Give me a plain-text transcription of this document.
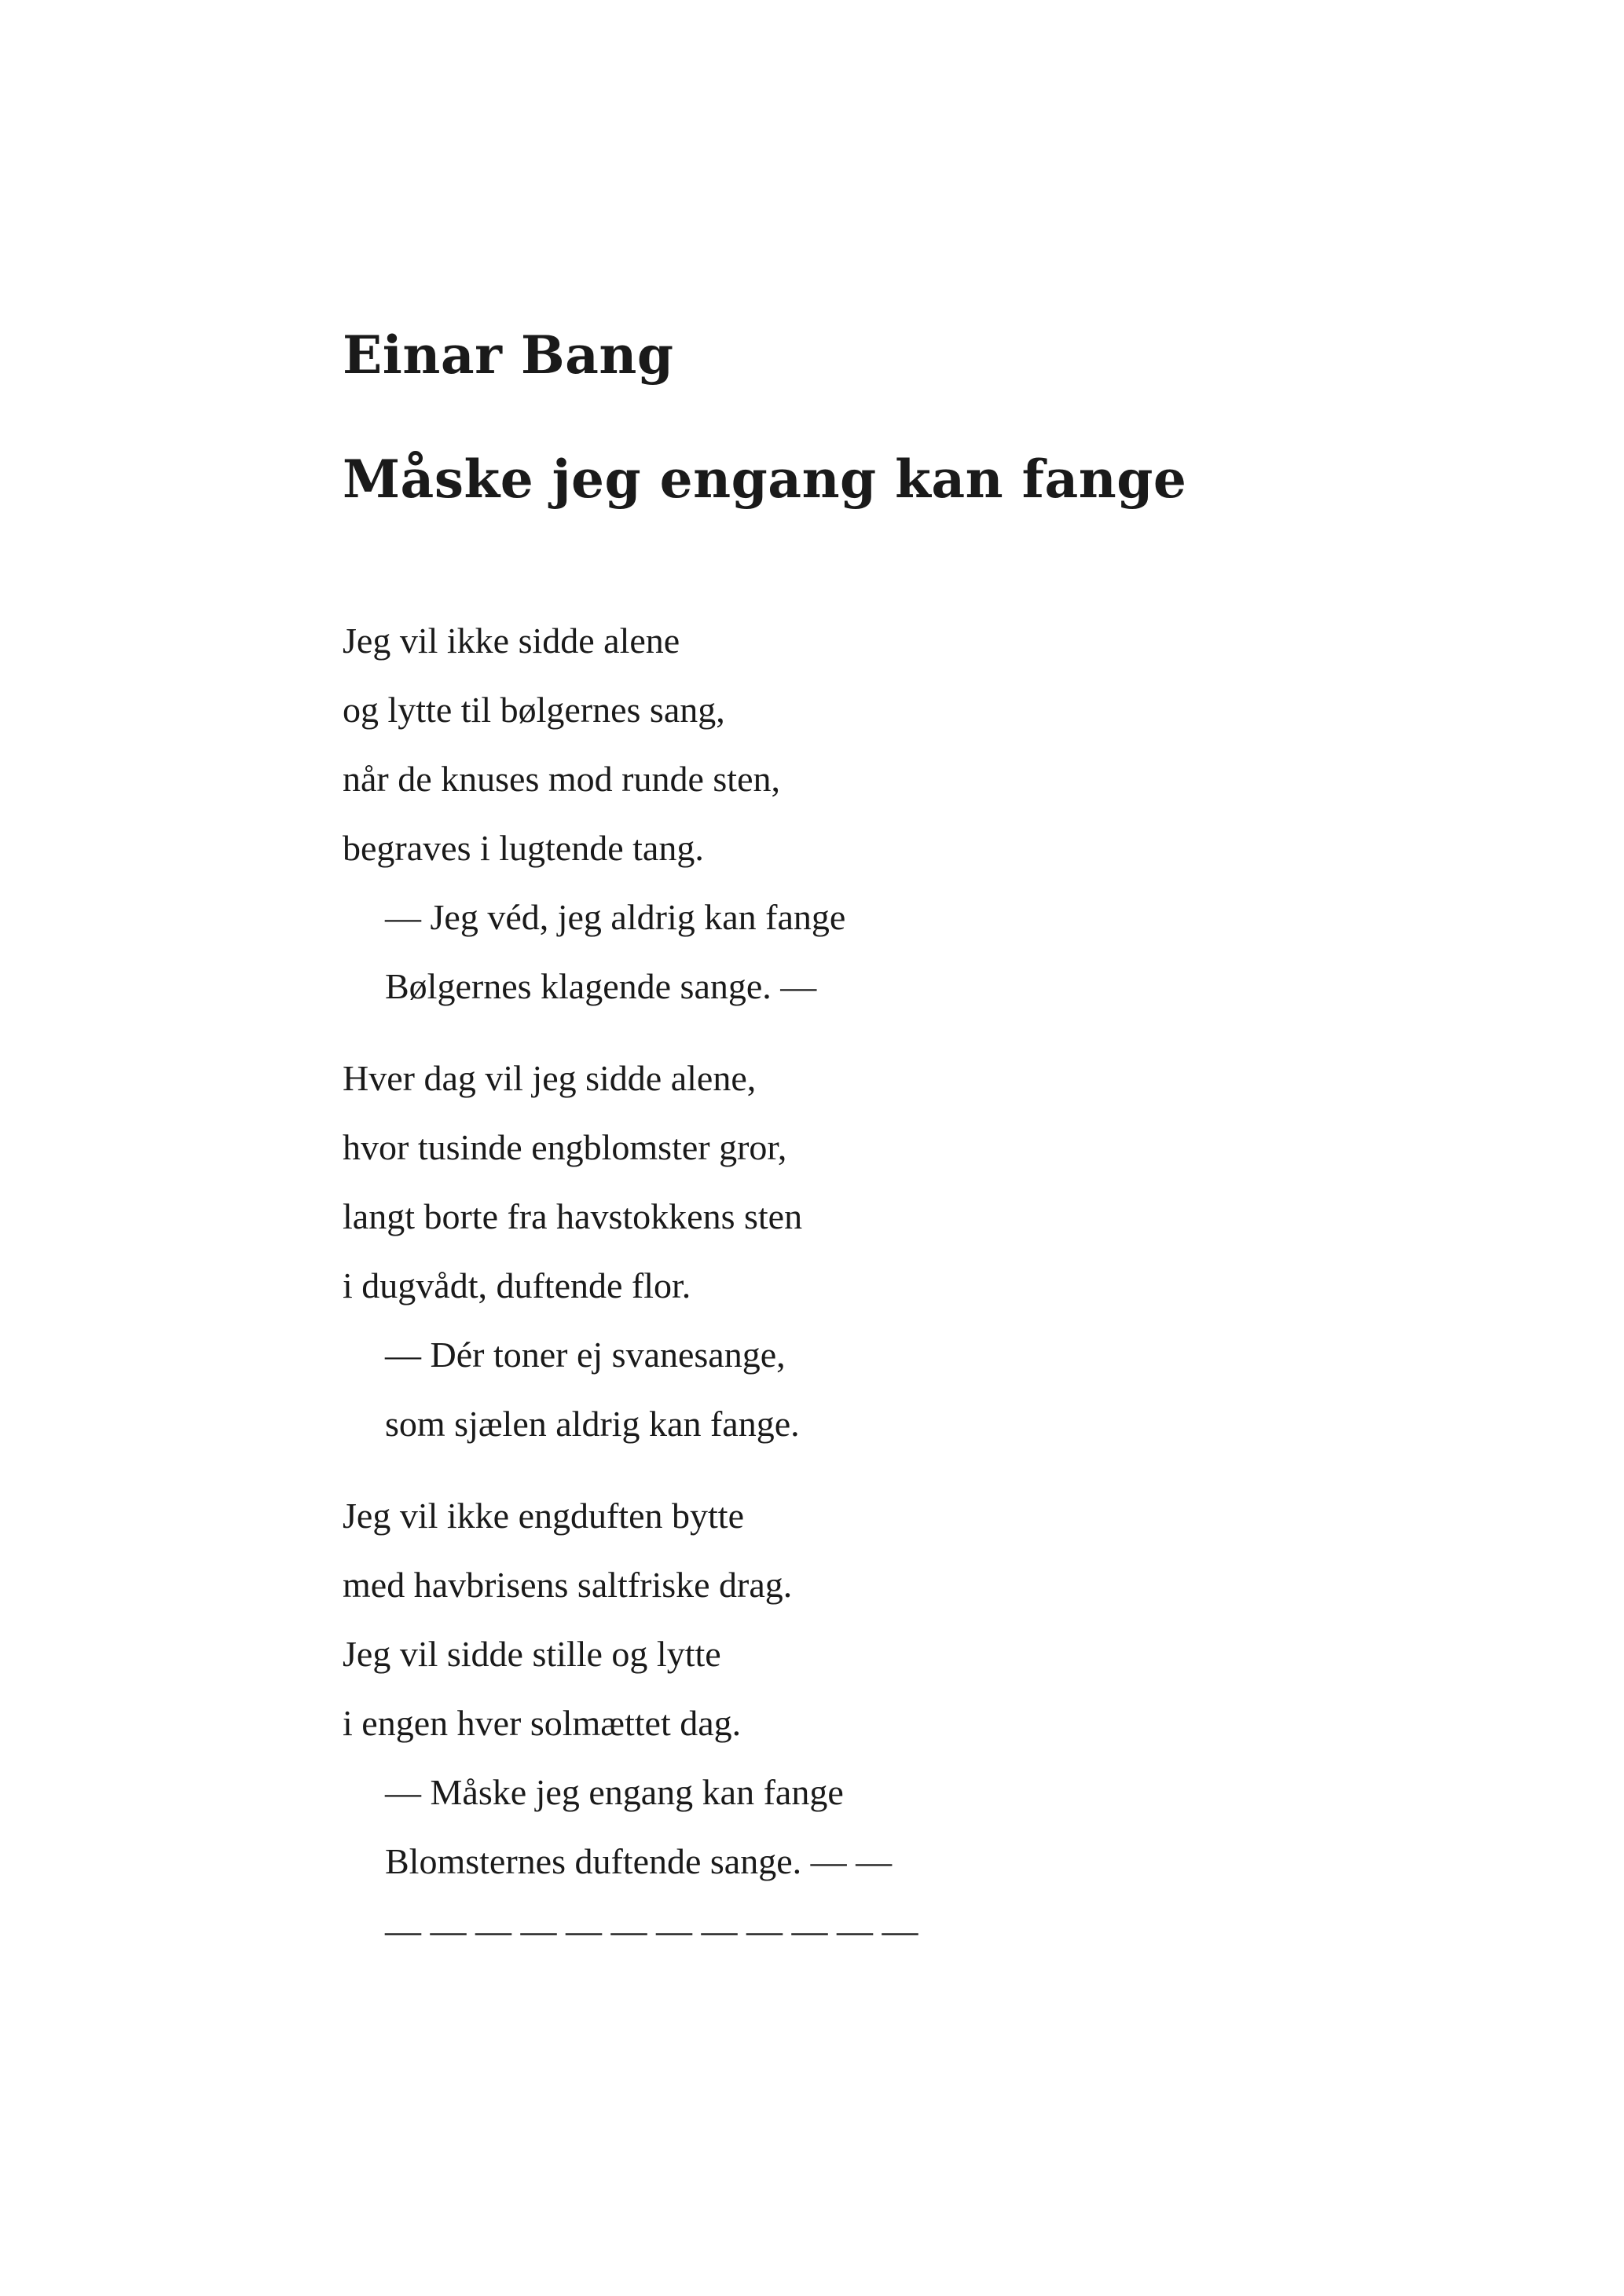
Einar Bang
Måske jeg engang kan fange
Jeg vil ikke sidde alene
og lytte til bølgernes sang,
når de knuses mod runde sten,
begraves i lugtende tang.
— Jeg véd, jeg aldrig kan fange
Bølgernes klagende sange. —
Hver dag vil jeg sidde alene,
hvor tusinde engblomster gror,
langt borte fra havstokkens sten
i dugvådt, duftende flor.
— Dér toner ej svanesange,
som sjælen aldrig kan fange.
Jeg vil ikke engduften bytte
med havbrisens saltfriske drag.
Jeg vil sidde stille og lytte
i engen hver solmættet dag.
— Måske jeg engang kan fange
Blomsternes duftende sange. — —
— — — — — — — — — — — —
